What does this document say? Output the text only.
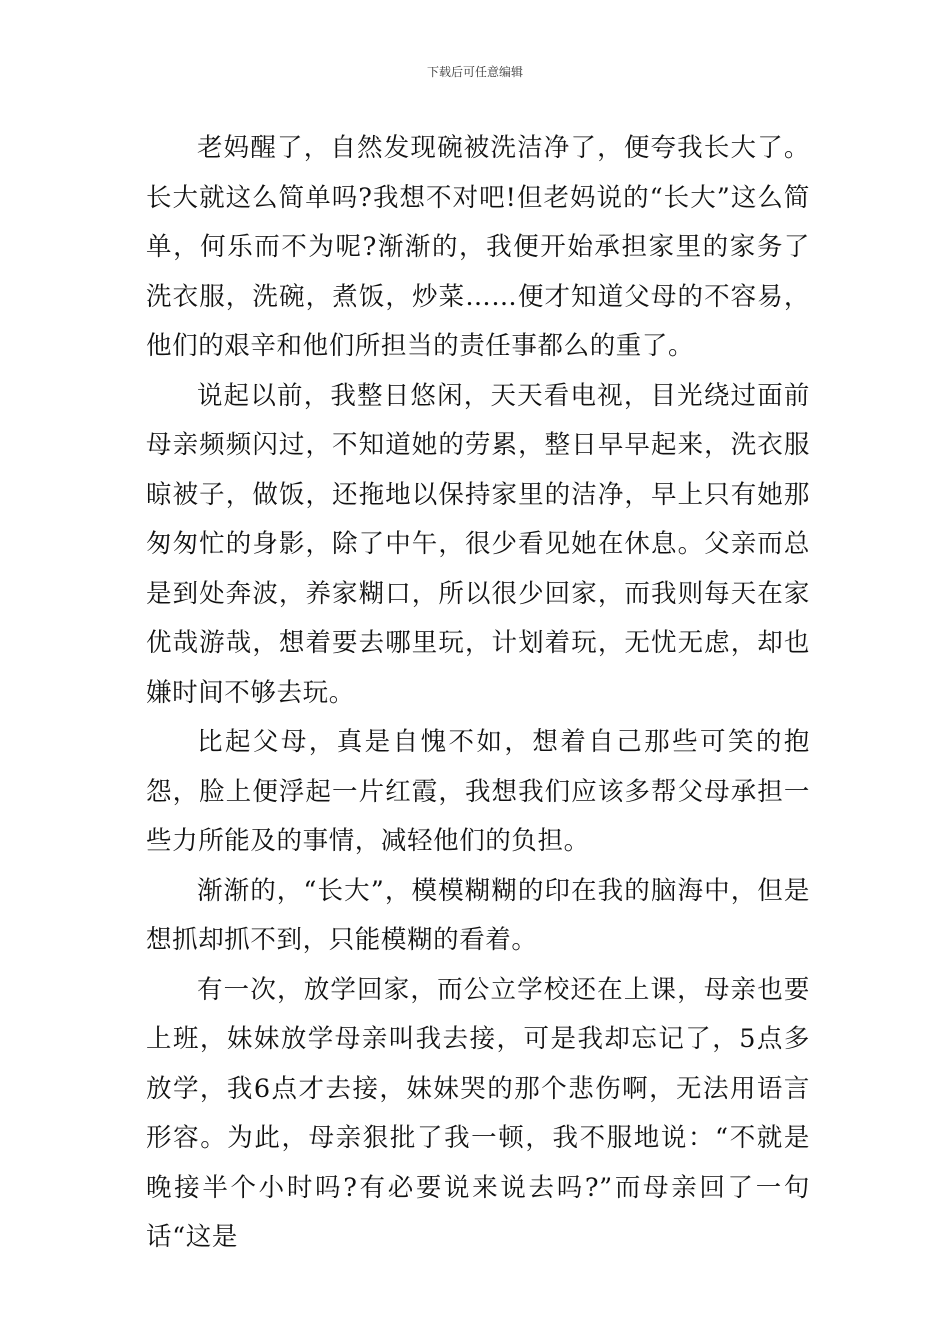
下载后可任意编辑

老妈醒了，自然发现碗被洗洁净了，便夸我长大了。长大就这么简单吗?我想不对吧!但老妈说的“长大”这么简单，何乐而不为呢?渐渐的，我便开始承担家里的家务了洗衣服，洗碗，煮饭，炒菜……便才知道父母的不容易，他们的艰辛和他们所担当的责任事都么的重了。

说起以前，我整日悠闲，天天看电视，目光绕过面前母亲频频闪过，不知道她的劳累，整日早早起来，洗衣服晾被子，做饭，还拖地以保持家里的洁净，早上只有她那匆匆忙的身影，除了中午，很少看见她在休息。父亲而总是到处奔波，养家糊口，所以很少回家，而我则每天在家优哉游哉，想着要去哪里玩，计划着玩，无忧无虑，却也嫌时间不够去玩。

比起父母，真是自愧不如，想着自己那些可笑的抱怨，脸上便浮起一片红霞，我想我们应该多帮父母承担一些力所能及的事情，减轻他们的负担。

渐渐的，“长大”，模模糊糊的印在我的脑海中，但是想抓却抓不到，只能模糊的看着。

有一次，放学回家，而公立学校还在上课，母亲也要上班，妹妹放学母亲叫我去接，可是我却忘记了，5点多放学，我6点才去接，妹妹哭的那个悲伤啊，无法用语言形容。为此，母亲狠批了我一顿，我不服地说：“不就是晚接半个小时吗?有必要说来说去吗?”而母亲回了一句话“这是
